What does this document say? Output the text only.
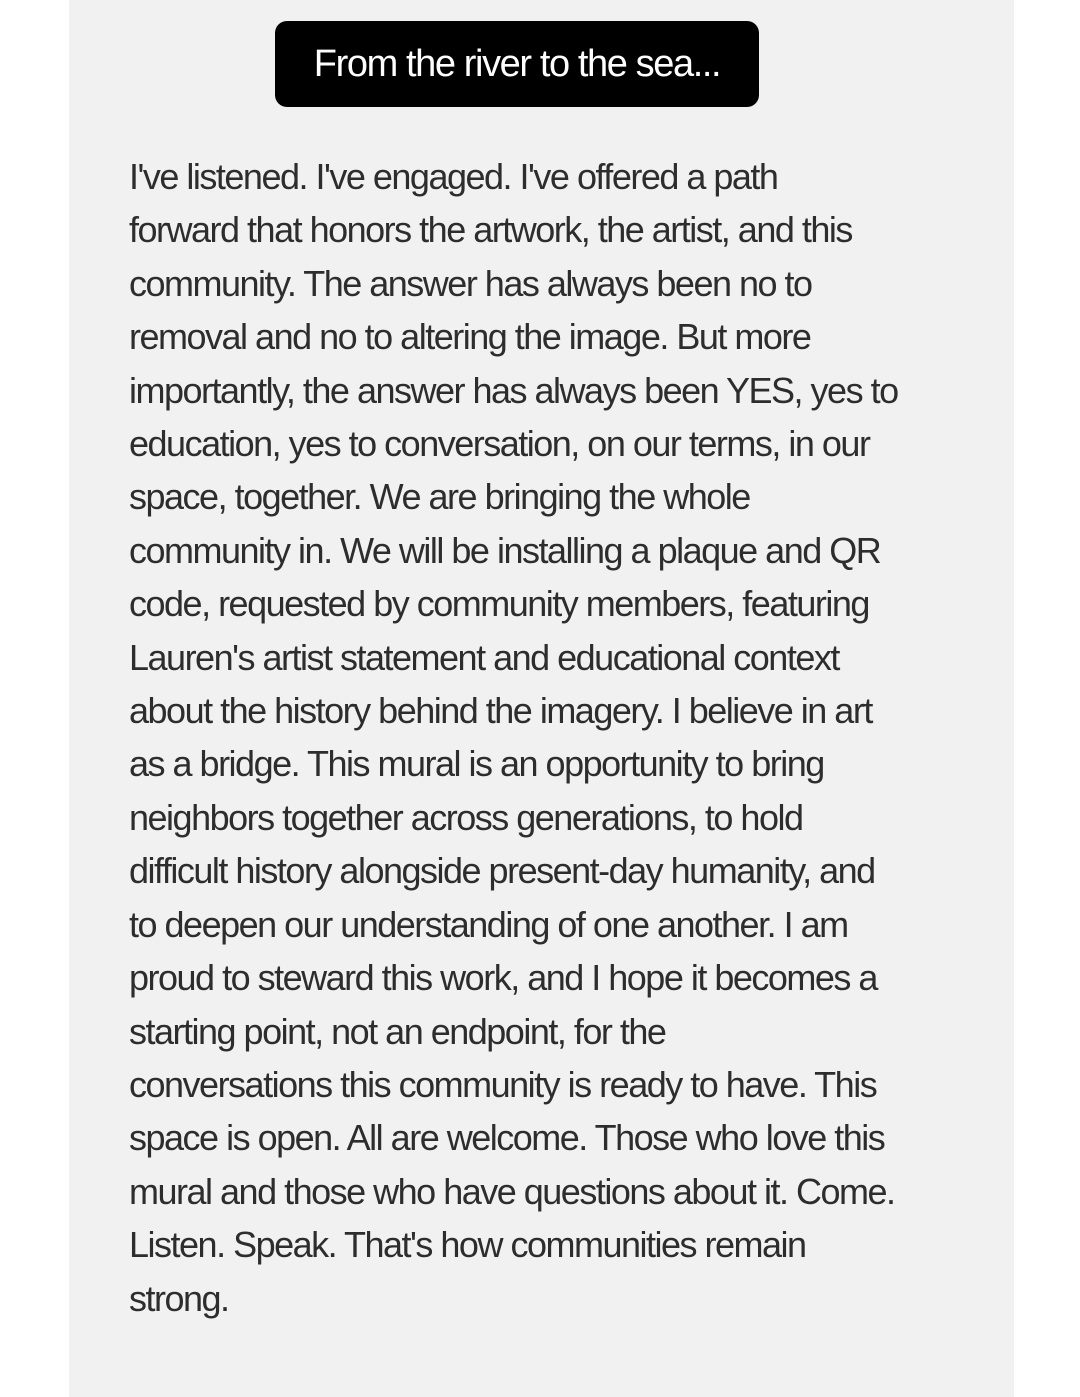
From the river to the sea...

I've listened. I've engaged. I've offered a path
forward that honors the artwork, the artist, and this
community. The answer has always been no to
removal and no to altering the image. But more
importantly, the answer has always been YES, yes to
education, yes to conversation, on our terms, in our
space, together. We are bringing the whole
community in. We will be installing a plaque and QR
code, requested by community members, featuring
Lauren's artist statement and educational context
about the history behind the imagery. I believe in art
as a bridge. This mural is an opportunity to bring
neighbors together across generations, to hold
difficult history alongside present-day humanity, and
to deepen our understanding of one another. I am
proud to steward this work, and I hope it becomes a
starting point, not an endpoint, for the
conversations this community is ready to have. This
space is open. All are welcome. Those who love this
mural and those who have questions about it. Come.
Listen. Speak. That's how communities remain
strong.
